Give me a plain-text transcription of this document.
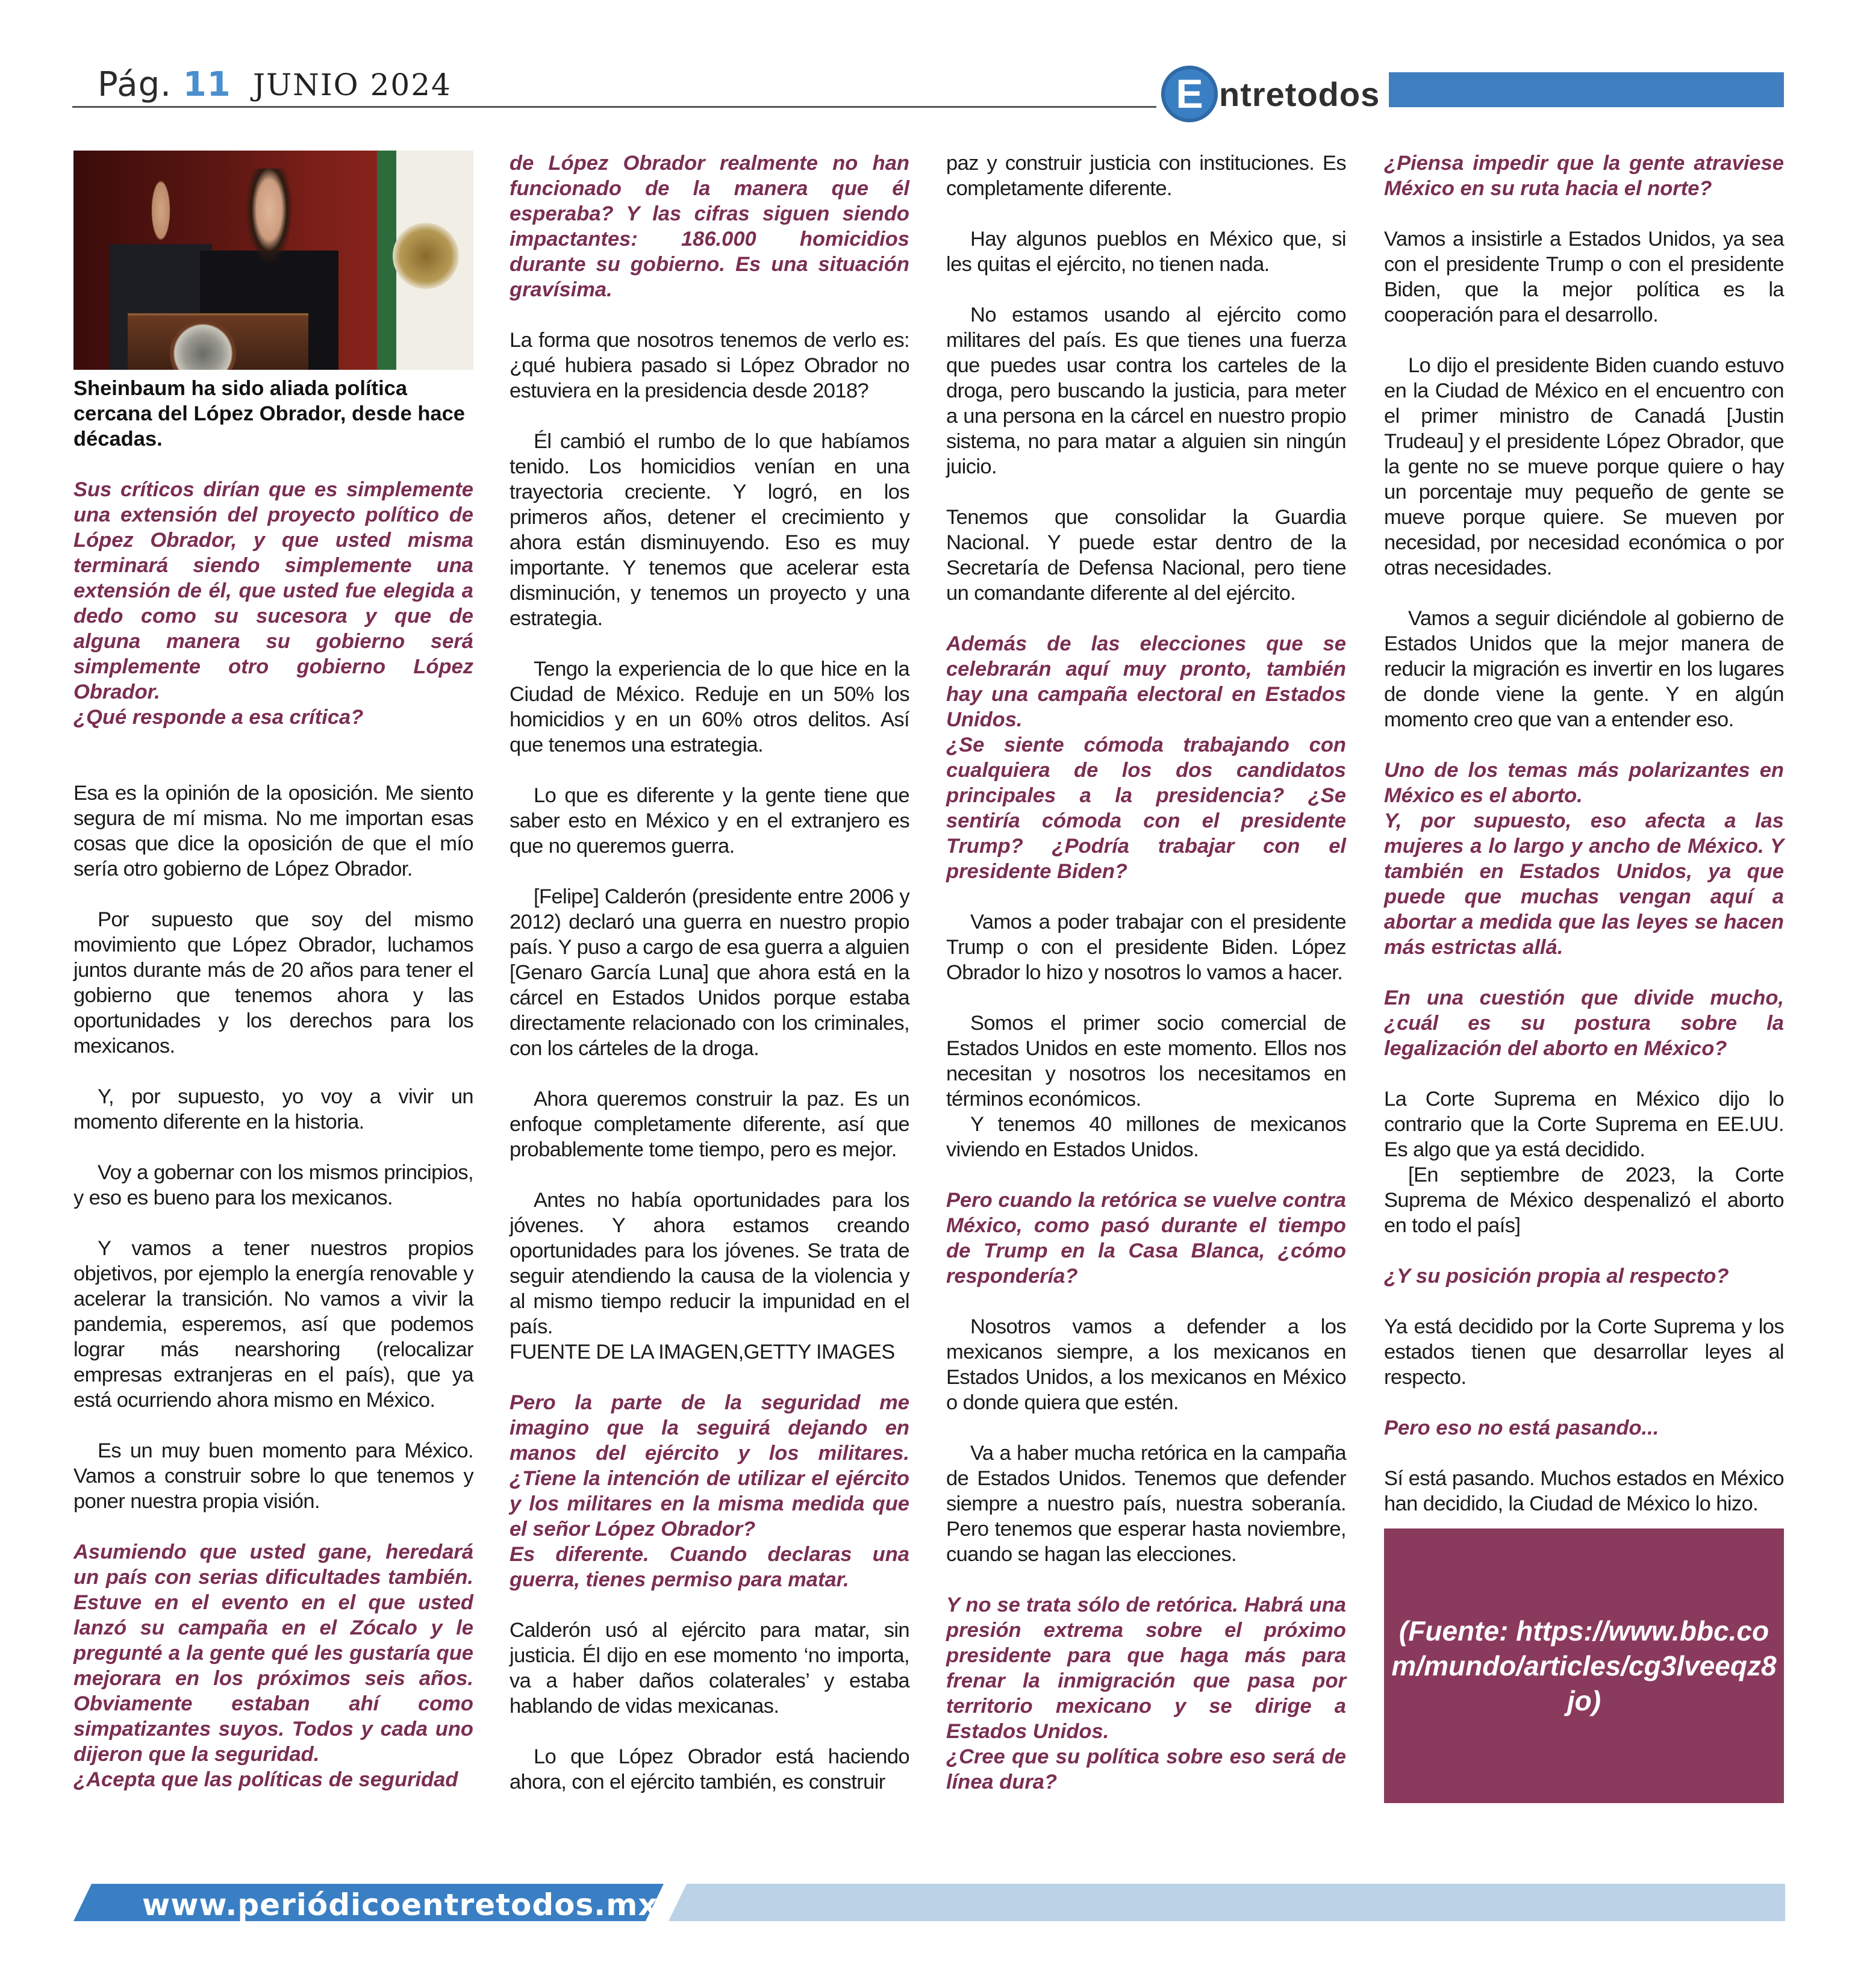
Pág. 11 JUNIO 2024	E ntretodos
Sheinbaum ha sido aliada política cercana del López Obrador, desde hace décadas.

Sus críticos dirían que es simplemente una extensión del proyecto político de López Obrador, y que usted misma terminará siendo simplemente una extensión de él, que usted fue elegida a dedo como su sucesora y que de alguna manera su gobierno será simplemente otro gobierno López Obrador.

¿Qué responde a esa crítica?

Esa es la opinión de la oposición. Me siento segura de mí misma. No me importan esas cosas que dice la oposición de que el mío sería otro gobierno de López Obrador.

Por supuesto que soy del mismo movimiento que López Obrador, luchamos juntos durante más de 20 años para tener el gobierno que tenemos ahora y las oportunidades y los derechos para los mexicanos.

Y, por supuesto, yo voy a vivir un momento diferente en la historia.

Voy a gobernar con los mismos principios, y eso es bueno para los mexicanos.

Y vamos a tener nuestros propios objetivos, por ejemplo la energía renovable y acelerar la transición. No vamos a vivir la pandemia, esperemos, así que podemos lograr más nearshoring (relocalizar empresas extranjeras en el país), que ya está ocurriendo ahora mismo en México.

Es un muy buen momento para México. Vamos a construir sobre lo que tenemos y poner nuestra propia visión.

Asumiendo que usted gane, heredará un país con serias dificultades también. Estuve en el evento en el que usted lanzó su campaña en el Zócalo y le pregunté a la gente qué les gustaría que mejorara en los próximos seis años. Obviamente estaban ahí como simpatizantes suyos. Todos y cada uno dijeron que la seguridad.

¿Acepta que las políticas de seguridad

de López Obrador realmente no han funcionado de la manera que él esperaba? Y las cifras siguen siendo impactantes: 186.000 homicidios durante su gobierno. Es una situación gravísima.

La forma que nosotros tenemos de verlo es: ¿qué hubiera pasado si López Obrador no estuviera en la presidencia desde 2018?

Él cambió el rumbo de lo que habíamos tenido. Los homicidios venían en una trayectoria creciente. Y logró, en los primeros años, detener el crecimiento y ahora están disminuyendo. Eso es muy importante. Y tenemos que acelerar esta disminución, y tenemos un proyecto y una estrategia.

Tengo la experiencia de lo que hice en la Ciudad de México. Reduje en un 50% los homicidios y en un 60% otros delitos. Así que tenemos una estrategia.

Lo que es diferente y la gente tiene que saber esto en México y en el extranjero es que no queremos guerra.

[Felipe] Calderón (presidente entre 2006 y 2012) declaró una guerra en nuestro propio país. Y puso a cargo de esa guerra a alguien [Genaro García Luna] que ahora está en la cárcel en Estados Unidos porque estaba directamente relacionado con los criminales, con los cárteles de la droga.

Ahora queremos construir la paz. Es un enfoque completamente diferente, así que probablemente tome tiempo, pero es mejor.

Antes no había oportunidades para los jóvenes. Y ahora estamos creando oportunidades para los jóvenes. Se trata de seguir atendiendo la causa de la violencia y al mismo tiempo reducir la impunidad en el país.

FUENTE DE LA IMAGEN,GETTY IMAGES

Pero la parte de la seguridad me imagino que la seguirá dejando en manos del ejército y los militares. ¿Tiene la intención de utilizar el ejército y los militares en la misma medida que el señor López Obrador?

Es diferente. Cuando declaras una guerra, tienes permiso para matar.

Calderón usó al ejército para matar, sin justicia. Él dijo en ese momento ‘no importa, va a haber daños colaterales’ y estaba hablando de vidas mexicanas.

Lo que López Obrador está haciendo ahora, con el ejército también, es construir

paz y construir justicia con instituciones. Es completamente diferente.

Hay algunos pueblos en México que, si les quitas el ejército, no tienen nada.

No estamos usando al ejército como militares del país. Es que tienes una fuerza que puedes usar contra los carteles de la droga, pero buscando la justicia, para meter a una persona en la cárcel en nuestro propio sistema, no para matar a alguien sin ningún juicio.

Tenemos que consolidar la Guardia Nacional. Y puede estar dentro de la Secretaría de Defensa Nacional, pero tiene un comandante diferente al del ejército.

Además de las elecciones que se celebrarán aquí muy pronto, también hay una campaña electoral en Estados Unidos.

¿Se siente cómoda trabajando con cualquiera de los dos candidatos principales a la presidencia? ¿Se sentiría cómoda con el presidente Trump? ¿Podría trabajar con el presidente Biden?

Vamos a poder trabajar con el presidente Trump o con el presidente Biden. López Obrador lo hizo y nosotros lo vamos a hacer.

Somos el primer socio comercial de Estados Unidos en este momento. Ellos nos necesitan y nosotros los necesitamos en términos económicos.

Y tenemos 40 millones de mexicanos viviendo en Estados Unidos.

Pero cuando la retórica se vuelve contra México, como pasó durante el tiempo de Trump en la Casa Blanca, ¿cómo respondería?

Nosotros vamos a defender a los mexicanos siempre, a los mexicanos en Estados Unidos, a los mexicanos en México o donde quiera que estén.

Va a haber mucha retórica en la campaña de Estados Unidos. Tenemos que defender siempre a nuestro país, nuestra soberanía. Pero tenemos que esperar hasta noviembre, cuando se hagan las elecciones.

Y no se trata sólo de retórica. Habrá una presión extrema sobre el próximo presidente para que haga más para frenar la inmigración que pasa por territorio mexicano y se dirige a Estados Unidos.

¿Cree que su política sobre eso será de línea dura?

¿Piensa impedir que la gente atraviese México en su ruta hacia el norte?

Vamos a insistirle a Estados Unidos, ya sea con el presidente Trump o con el presidente Biden, que la mejor política es la cooperación para el desarrollo.

Lo dijo el presidente Biden cuando estuvo en la Ciudad de México en el encuentro con el primer ministro de Canadá [Justin Trudeau] y el presidente López Obrador, que la gente no se mueve porque quiere o hay un porcentaje muy pequeño de gente se mueve porque quiere. Se mueven por necesidad, por necesidad económica o por otras necesidades.

Vamos a seguir diciéndole al gobierno de Estados Unidos que la mejor manera de reducir la migración es invertir en los lugares de donde viene la gente. Y en algún momento creo que van a entender eso.

Uno de los temas más polarizantes en México es el aborto.

Y, por supuesto, eso afecta a las mujeres a lo largo y ancho de México. Y también en Estados Unidos, ya que puede que muchas vengan aquí a abortar a medida que las leyes se hacen más estrictas allá.

En una cuestión que divide mucho, ¿cuál es su postura sobre la legalización del aborto en México?

La Corte Suprema en México dijo lo contrario que la Corte Suprema en EE.UU. Es algo que ya está decidido.

[En septiembre de 2023, la Corte Suprema de México despenalizó el aborto en todo el país]

¿Y su posición propia al respecto?

Ya está decidido por la Corte Suprema y los estados tienen que desarrollar leyes al respecto.

Pero eso no está pasando...

Sí está pasando. Muchos estados en México han decidido, la Ciudad de México lo hizo.

(Fuente: https://www.bbc.com/mundo/articles/cg3lveeqz8jo)
www.periódicoentretodos.mx
